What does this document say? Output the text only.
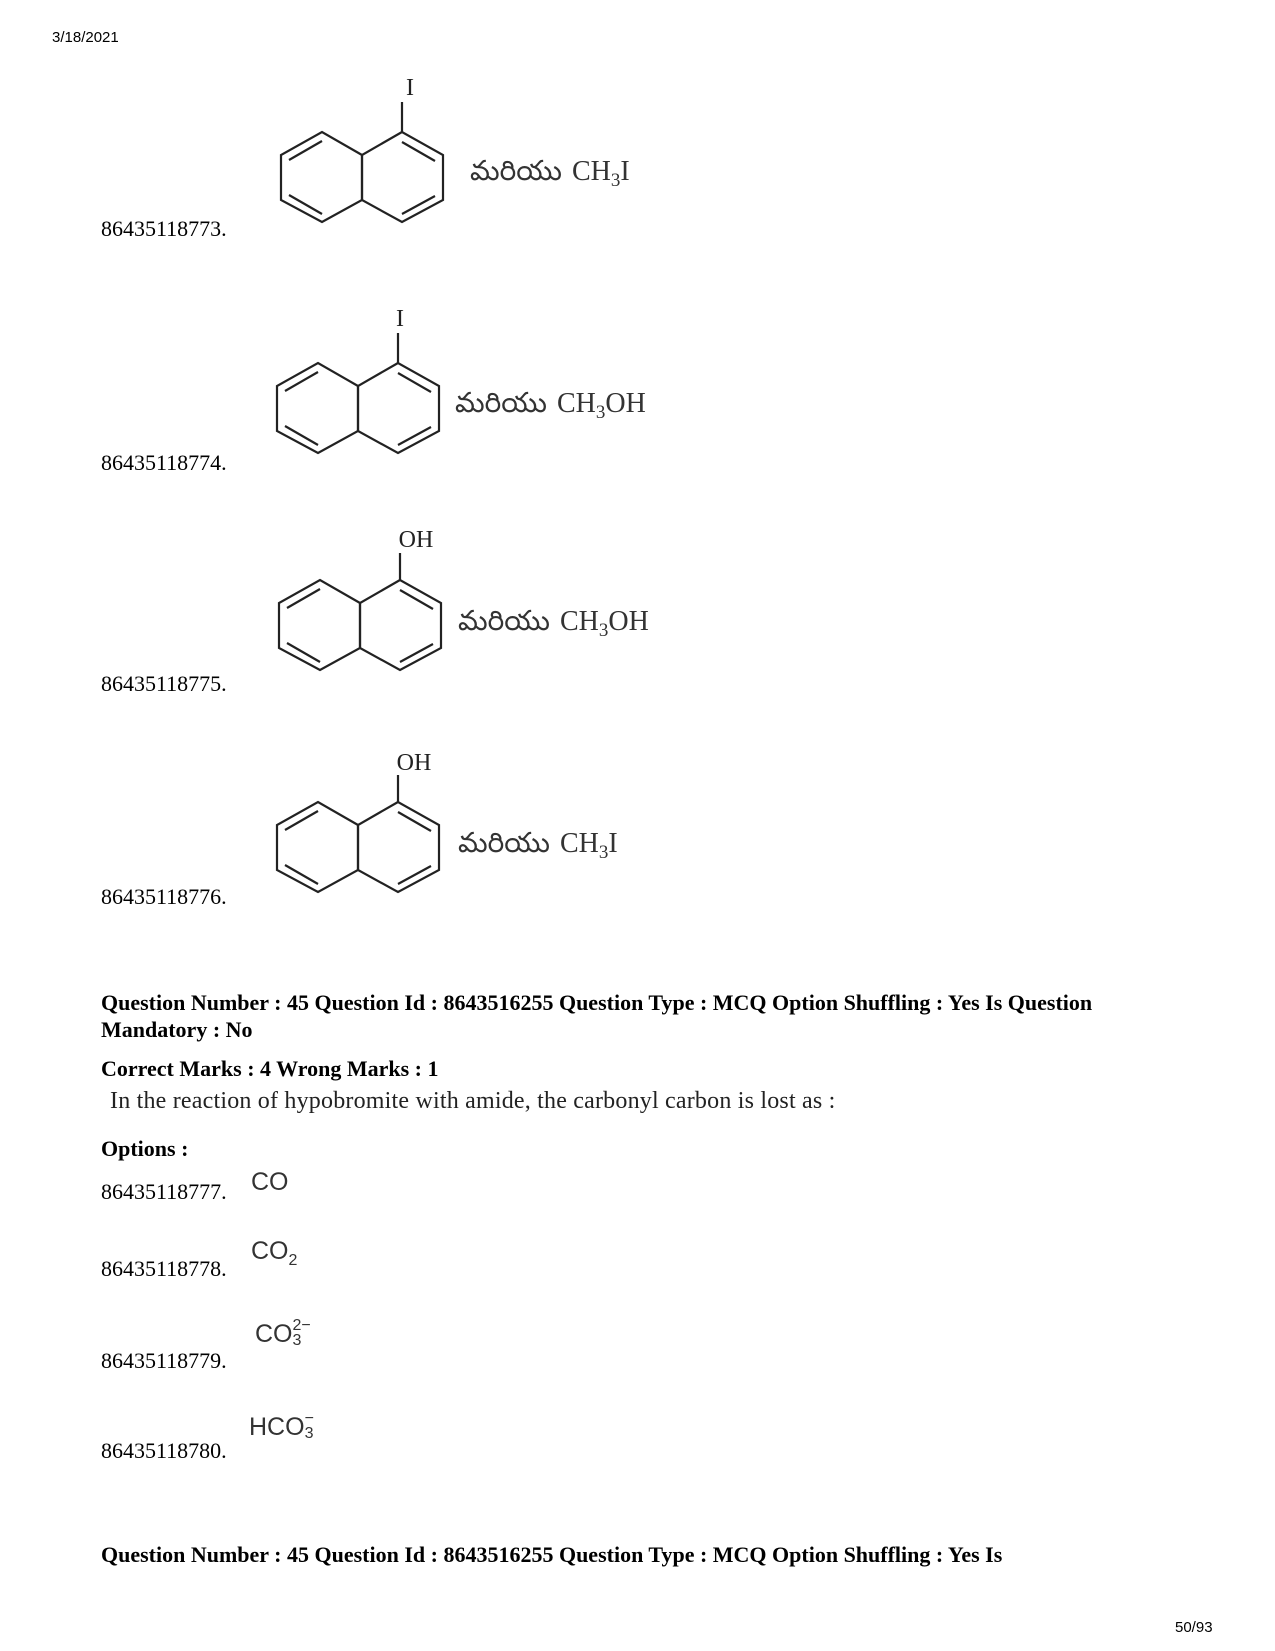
3/18/2021
86435118773.
I
మరియు $CH_3I$
86435118774.
I
మరియు $CH_3OH$
86435118775.
OH
మరియు $CH_3OH$
86435118776.
OH
మరియు $CH_3I$
Question Number : 45 Question Id : 8643516255 Question Type : MCQ Option Shuffling : Yes Is Question Mandatory : No
Correct Marks : 4 Wrong Marks : 1
In the reaction of hypobromite with amide, the carbonyl carbon is lost as :
Options :
86435118777. CO
86435118778.
$CO_2$
86435118779.
CO 2−
3
86435118780.
HCO −
3
Question Number : 45 Question Id : 8643516255 Question Type : MCQ Option Shuffling : Yes Is
50/93
